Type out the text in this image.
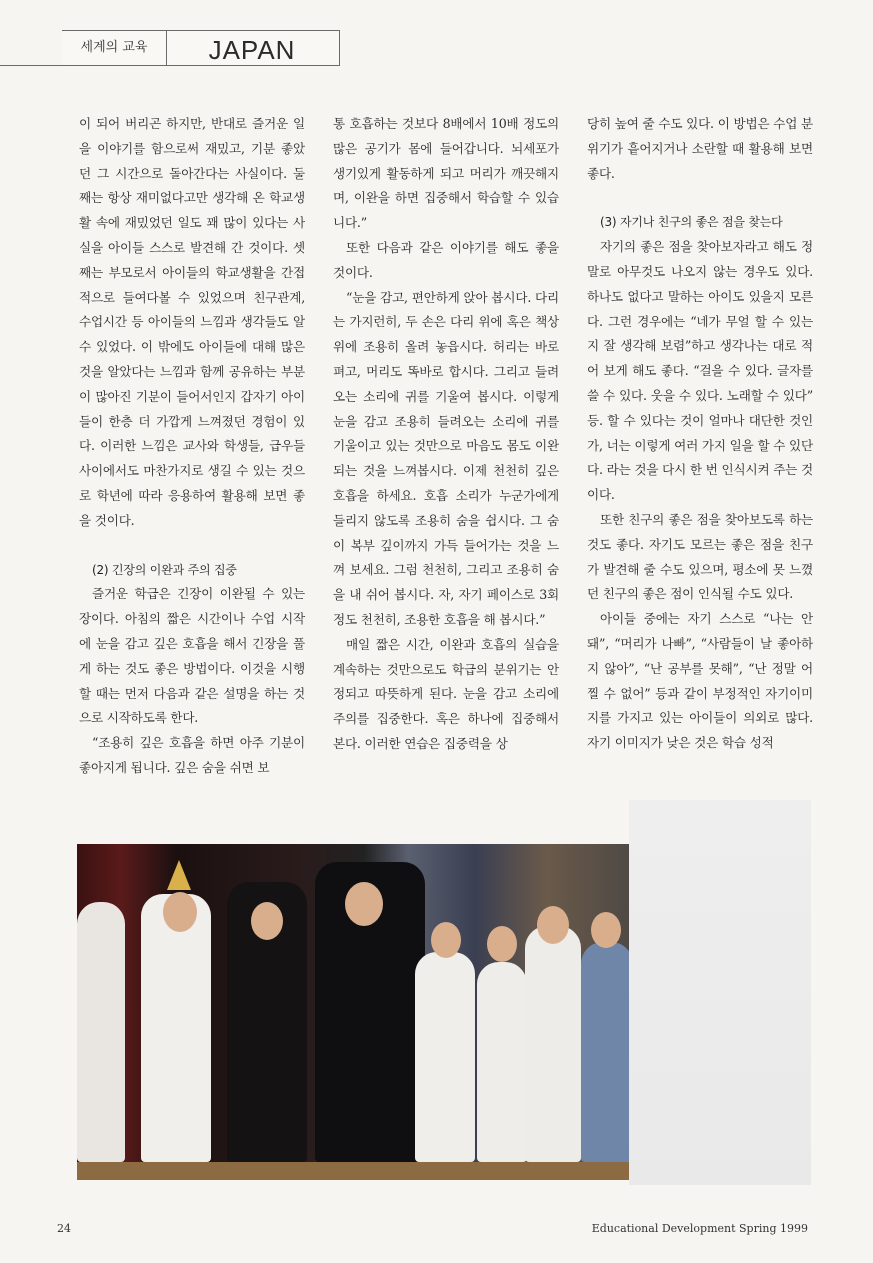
세계의 교육	JAPAN

이 되어 버리곤 하지만, 반대로 즐거운 일을 이야기를 함으로써 재밌고, 기분 좋았던 그 시간으로 돌아간다는 사실이다. 둘째는 항상 재미없다고만 생각해 온 학교생활 속에 재밌었던 일도 꽤 많이 있다는 사실을 아이들 스스로 발견해 간 것이다. 셋째는 부모로서 아이들의 학교생활을 간접적으로 들여다볼 수 있었으며 친구관계, 수업시간 등 아이들의 느낌과 생각들도 알 수 있었다. 이 밖에도 아이들에 대해 많은 것을 알았다는 느낌과 함께 공유하는 부분이 많아진 기분이 들어서인지 갑자기 아이들이 한층 더 가깝게 느껴졌던 경험이 있다. 이러한 느낌은 교사와 학생들, 급우들 사이에서도 마찬가지로 생길 수 있는 것으로 학년에 따라 응용하여 활용해 보면 좋을 것이다.

(2) 긴장의 이완과 주의 집중

즐거운 학급은 긴장이 이완될 수 있는 장이다. 아침의 짧은 시간이나 수업 시작에 눈을 감고 깊은 호흡을 해서 긴장을 풀게 하는 것도 좋은 방법이다. 이것을 시행할 때는 먼저 다음과 같은 설명을 하는 것으로 시작하도록 한다.

“조용히 깊은 호흡을 하면 아주 기분이 좋아지게 됩니다. 깊은 숨을 쉬면 보

통 호흡하는 것보다 8배에서 10배 정도의 많은 공기가 몸에 들어갑니다. 뇌세포가 생기있게 활동하게 되고 머리가 깨끗해지며, 이완을 하면 집중해서 학습할 수 있습니다.”

또한 다음과 같은 이야기를 해도 좋을 것이다.

“눈을 감고, 편안하게 앉아 봅시다. 다리는 가지런히, 두 손은 다리 위에 혹은 책상 위에 조용히 올려 놓읍시다. 허리는 바로 펴고, 머리도 똑바로 합시다. 그리고 들려 오는 소리에 귀를 기울여 봅시다. 이렇게 눈을 감고 조용히 들려오는 소리에 귀를 기울이고 있는 것만으로 마음도 몸도 이완되는 것을 느껴봅시다. 이제 천천히 깊은 호흡을 하세요. 호흡 소리가 누군가에게 들리지 않도록 조용히 숨을 쉽시다. 그 숨이 복부 깊이까지 가득 들어가는 것을 느껴 보세요. 그럼 천천히, 그리고 조용히 숨을 내 쉬어 봅시다. 자, 자기 페이스로 3회 정도 천천히, 조용한 호흡을 해 봅시다.”

매일 짧은 시간, 이완과 호흡의 실습을 계속하는 것만으로도 학급의 분위기는 안정되고 따뜻하게 된다. 눈을 감고 소리에 주의를 집중한다. 혹은 하나에 집중해서 본다. 이러한 연습은 집중력을 상

당히 높여 줄 수도 있다. 이 방법은 수업 분위기가 흩어지거나 소란할 때 활용해 보면 좋다.

(3) 자기나 친구의 좋은 점을 찾는다

자기의 좋은 점을 찾아보자라고 해도 정말로 아무것도 나오지 않는 경우도 있다. 하나도 없다고 말하는 아이도 있을지 모른다. 그런 경우에는 “네가 무얼 할 수 있는지 잘 생각해 보렴”하고 생각나는 대로 적어 보게 해도 좋다. “걸을 수 있다. 글자를 쓸 수 있다. 웃을 수 있다. 노래할 수 있다” 등. 할 수 있다는 것이 얼마나 대단한 것인가, 너는 이렇게 여러 가지 일을 할 수 있단다. 라는 것을 다시 한 번 인식시켜 주는 것이다.

또한 친구의 좋은 점을 찾아보도록 하는 것도 좋다. 자기도 모르는 좋은 점을 친구가 발견해 줄 수도 있으며, 평소에 못 느꼈던 친구의 좋은 점이 인식될 수도 있다.

아이들 중에는 자기 스스로 “나는 안돼”, “머리가 나빠”, “사람들이 날 좋아하지 않아”, “난 공부를 못해”, “난 정말 어찔 수 없어” 등과 같이 부정적인 자기이미지를 가지고 있는 아이들이 의외로 많다. 자기 이미지가 낮은 것은 학습 성적

24	Educational Development Spring 1999
